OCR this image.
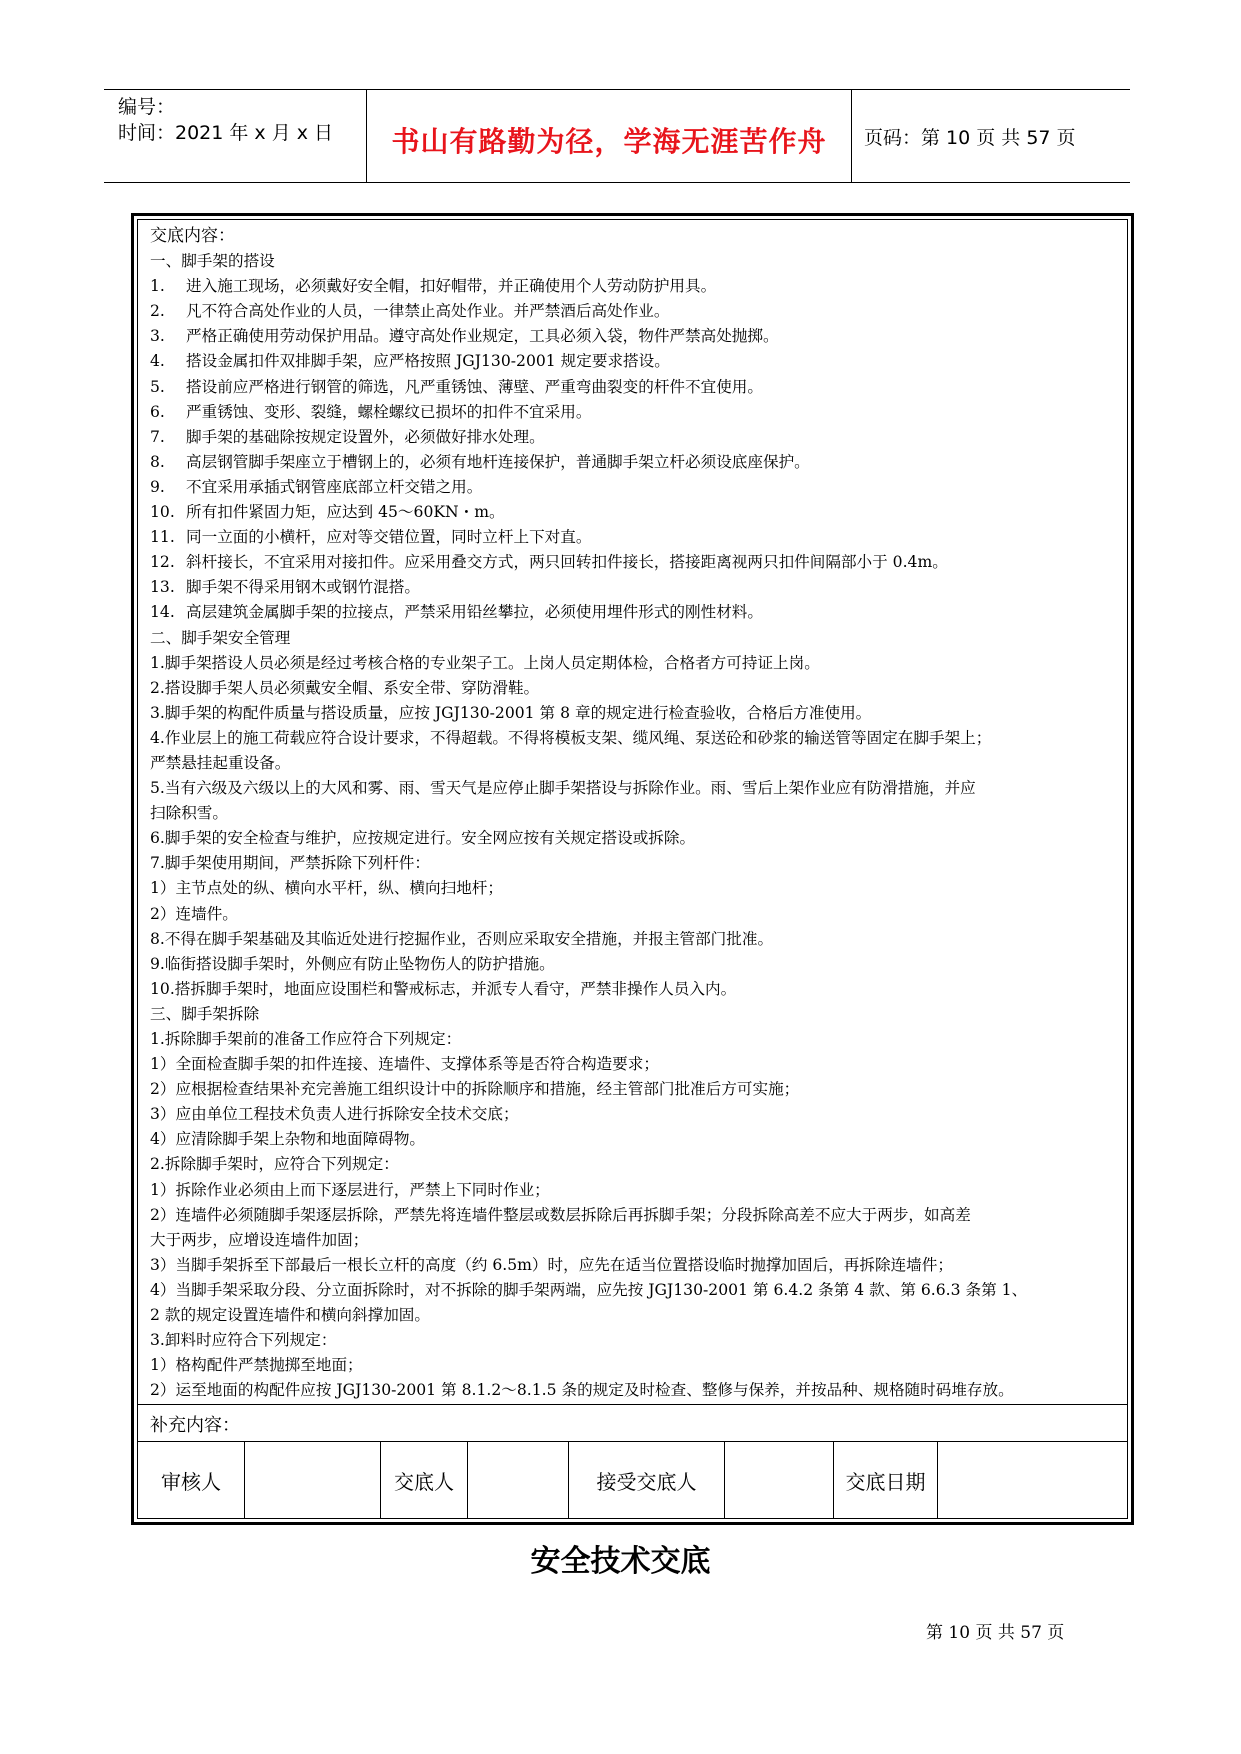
编号：
时间：2021 年 x 月 x 日	书山有路勤为径，学海无涯苦作舟	页码：第 10 页 共 57 页
交底内容：
一、脚手架的搭设
1. 进入施工现场，必须戴好安全帽，扣好帽带，并正确使用个人劳动防护用具。
2. 凡不符合高处作业的人员，一律禁止高处作业。并严禁酒后高处作业。
3. 严格正确使用劳动保护用品。遵守高处作业规定，工具必须入袋，物件严禁高处抛掷。
4. 搭设金属扣件双排脚手架，应严格按照 JGJ130-2001 规定要求搭设。
5. 搭设前应严格进行钢管的筛选，凡严重锈蚀、薄壁、严重弯曲裂变的杆件不宜使用。
6. 严重锈蚀、变形、裂缝，螺栓螺纹已损坏的扣件不宜采用。
7. 脚手架的基础除按规定设置外，必须做好排水处理。
8. 高层钢管脚手架座立于槽钢上的，必须有地杆连接保护，普通脚手架立杆必须设底座保护。
9. 不宜采用承插式钢管座底部立杆交错之用。
10. 所有扣件紧固力矩，应达到 45～60KN・m。
11. 同一立面的小横杆，应对等交错位置，同时立杆上下对直。
12. 斜杆接长，不宜采用对接扣件。应采用叠交方式，两只回转扣件接长，搭接距离视两只扣件间隔部小于 0.4m。
13. 脚手架不得采用钢木或钢竹混搭。
14. 高层建筑金属脚手架的拉接点，严禁采用铅丝攀拉，必须使用埋件形式的刚性材料。
二、脚手架安全管理
1.脚手架搭设人员必须是经过考核合格的专业架子工。上岗人员定期体检，合格者方可持证上岗。
2.搭设脚手架人员必须戴安全帽、系安全带、穿防滑鞋。
3.脚手架的构配件质量与搭设质量，应按 JGJ130-2001 第 8 章的规定进行检查验收，合格后方准使用。
4.作业层上的施工荷载应符合设计要求，不得超载。不得将模板支架、缆风绳、泵送砼和砂浆的输送管等固定在脚手架上；
严禁悬挂起重设备。
5.当有六级及六级以上的大风和雾、雨、雪天气是应停止脚手架搭设与拆除作业。雨、雪后上架作业应有防滑措施，并应
扫除积雪。
6.脚手架的安全检查与维护，应按规定进行。安全网应按有关规定搭设或拆除。
7.脚手架使用期间，严禁拆除下列杆件：
1）主节点处的纵、横向水平杆，纵、横向扫地杆；
2）连墙件。
8.不得在脚手架基础及其临近处进行挖掘作业，否则应采取安全措施，并报主管部门批准。
9.临街搭设脚手架时，外侧应有防止坠物伤人的防护措施。
10.搭拆脚手架时，地面应设围栏和警戒标志，并派专人看守，严禁非操作人员入内。
三、脚手架拆除
1.拆除脚手架前的准备工作应符合下列规定：
1）全面检查脚手架的扣件连接、连墙件、支撑体系等是否符合构造要求；
2）应根据检查结果补充完善施工组织设计中的拆除顺序和措施，经主管部门批准后方可实施；
3）应由单位工程技术负责人进行拆除安全技术交底；
4）应清除脚手架上杂物和地面障碍物。
2.拆除脚手架时，应符合下列规定：
1）拆除作业必须由上而下逐层进行，严禁上下同时作业；
2）连墙件必须随脚手架逐层拆除，严禁先将连墙件整层或数层拆除后再拆脚手架；分段拆除高差不应大于两步，如高差
大于两步，应增设连墙件加固；
3）当脚手架拆至下部最后一根长立杆的高度（约 6.5m）时，应先在适当位置搭设临时抛撑加固后，再拆除连墙件；
4）当脚手架采取分段、分立面拆除时，对不拆除的脚手架两端，应先按 JGJ130-2001 第 6.4.2 条第 4 款、第 6.6.3 条第 1、
2 款的规定设置连墙件和横向斜撑加固。
3.卸料时应符合下列规定：
1）格构配件严禁抛掷至地面；
2）运至地面的构配件应按 JGJ130-2001 第 8.1.2～8.1.5 条的规定及时检查、整修与保养，并按品种、规格随时码堆存放。
补充内容：
审核人	交底人	接受交底人	交底日期
安全技术交底
第 10 页 共 57 页
